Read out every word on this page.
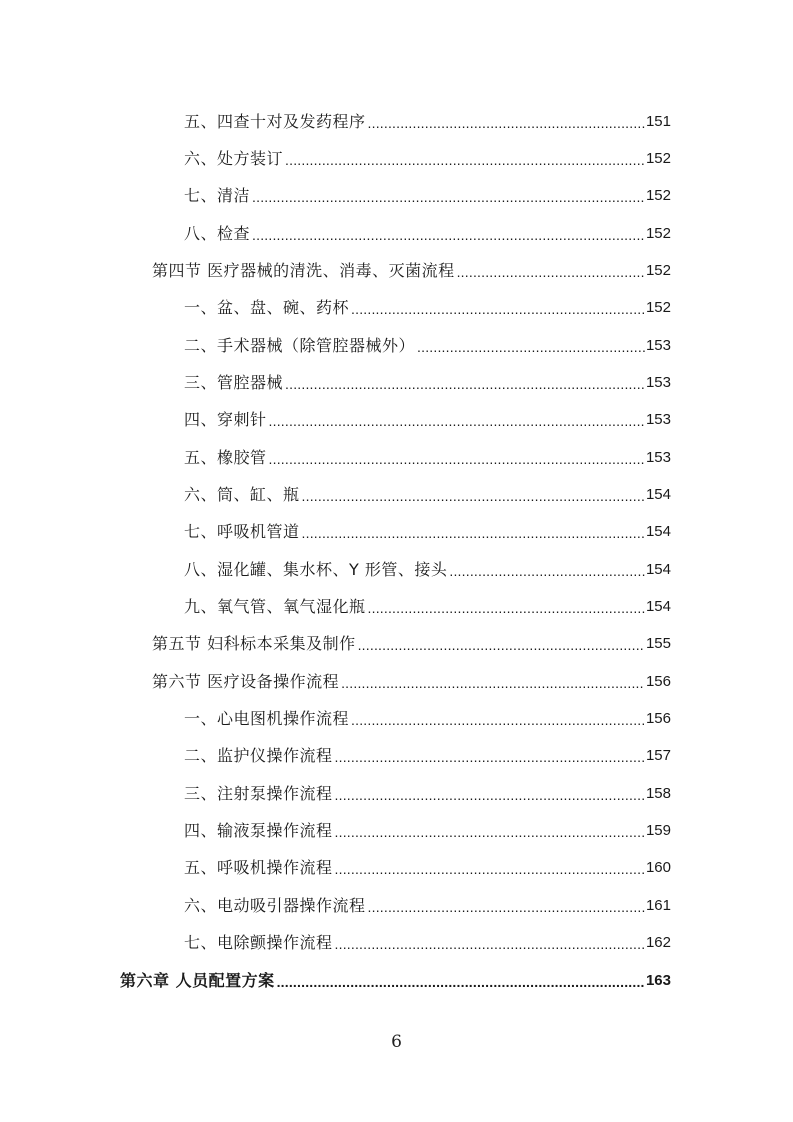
五、四查十对及发药程序 .....	151
六、处方装订 .....	152
七、清洁 .....	152
八、检查 .....	152
第四节 医疗器械的清洗、消毒、灭菌流程 .....	152
一、盆、盘、碗、药杯 .....	152
二、手术器械（除管腔器械外） .....	153
三、管腔器械 .....	153
四、穿刺针 .....	153
五、橡胶管 .....	153
六、筒、缸、瓶 .....	154
七、呼吸机管道 .....	154
八、湿化罐、集水杯、Y 形管、接头 .....	154
九、氧气管、氧气湿化瓶 .....	154
第五节 妇科标本采集及制作 .....	155
第六节 医疗设备操作流程 .....	156
一、心电图机操作流程 .....	156
二、监护仪操作流程 .....	157
三、注射泵操作流程 .....	158
四、输液泵操作流程 .....	159
五、呼吸机操作流程 .....	160
六、电动吸引器操作流程 .....	161
七、电除颤操作流程 .....	162
第六章 人员配置方案 .....	163
6
